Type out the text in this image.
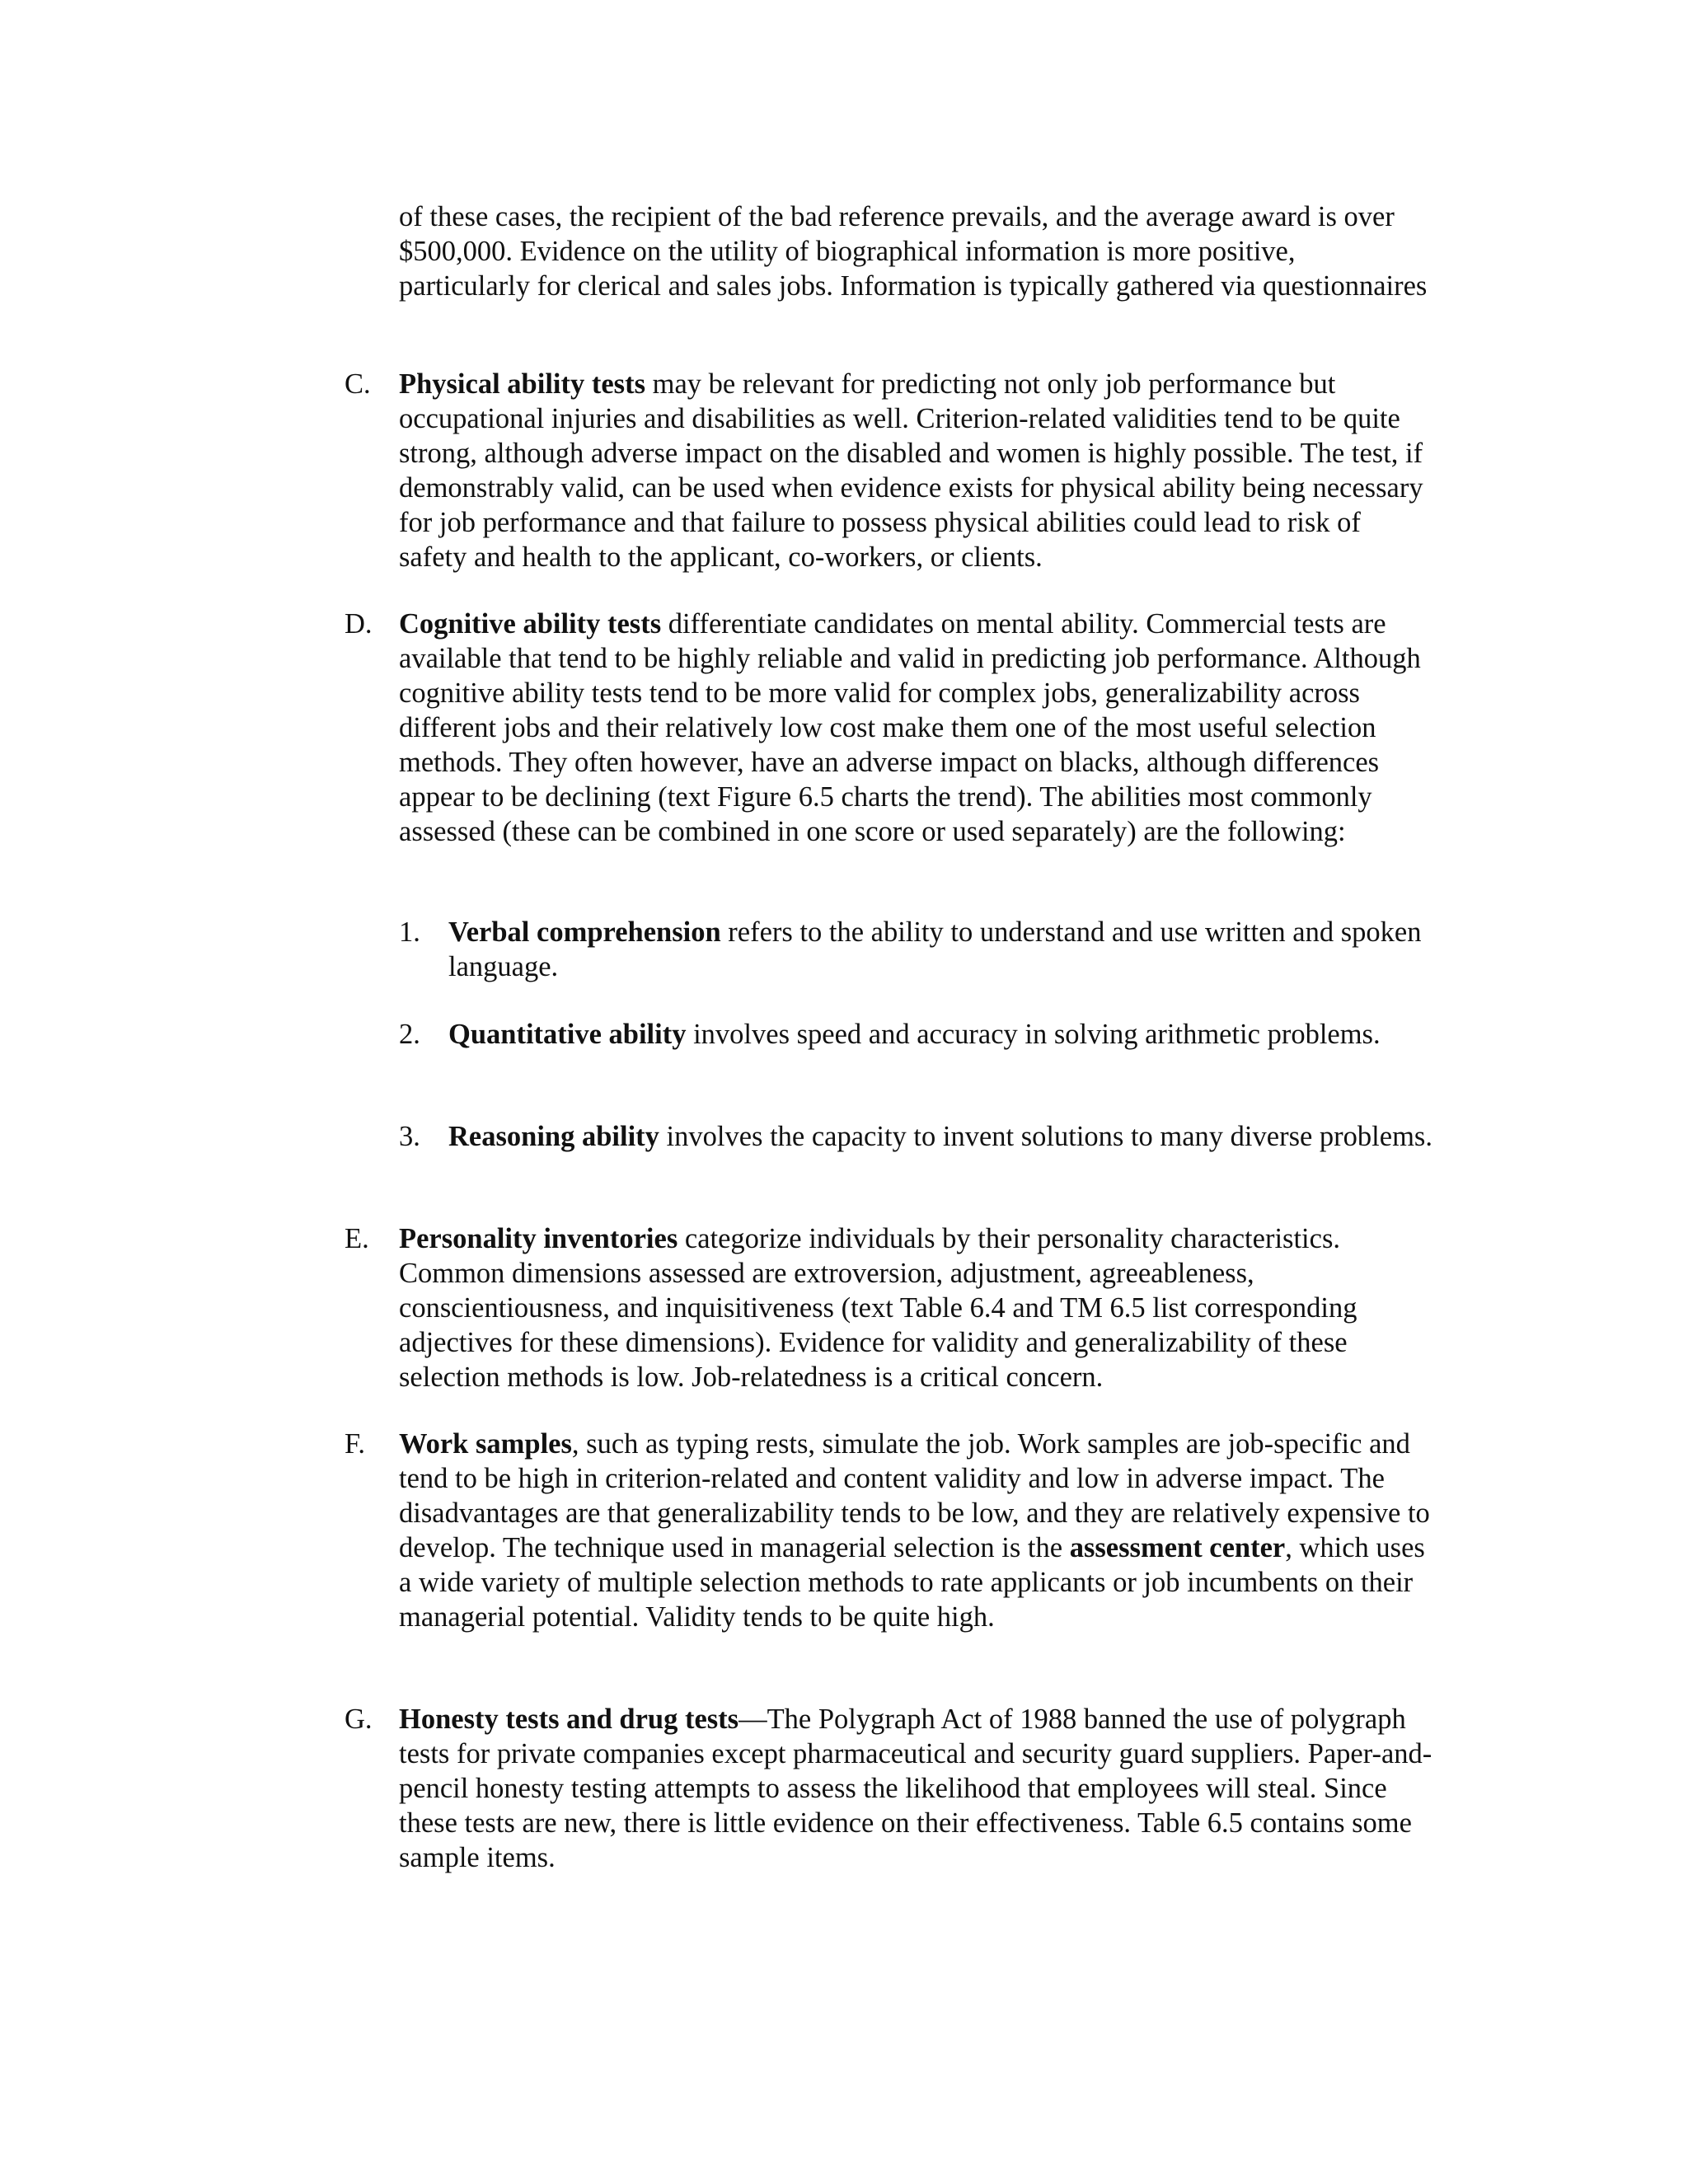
of these cases, the recipient of the bad reference prevails, and the average award is over $500,000. Evidence on the utility of biographical information is more positive, particularly for clerical and sales jobs. Information is typically gathered via questionnaires

C. Physical ability tests may be relevant for predicting not only job performance but occupational injuries and disabilities as well. Criterion-related validities tend to be quite strong, although adverse impact on the disabled and women is highly possible. The test, if demonstrably valid, can be used when evidence exists for physical ability being necessary for job performance and that failure to possess physical abilities could lead to risk of safety and health to the applicant, co-workers, or clients.
D. Cognitive ability tests differentiate candidates on mental ability. Commercial tests are available that tend to be highly reliable and valid in predicting job performance. Although cognitive ability tests tend to be more valid for complex jobs, generalizability across different jobs and their relatively low cost make them one of the most useful selection methods. They often however, have an adverse impact on blacks, although differences appear to be declining (text Figure 6.5 charts the trend). The abilities most commonly assessed (these can be combined in one score or used separately) are the following:
1. Verbal comprehension refers to the ability to understand and use written and spoken language.
2. Quantitative ability involves speed and accuracy in solving arithmetic problems.
3. Reasoning ability involves the capacity to invent solutions to many diverse problems.
E.	Personality inventories categorize individuals by their personality characteristics. Common dimensions assessed are extroversion, adjustment, agreeableness, conscientiousness, and inquisitiveness (text Table 6.4 and TM 6.5 list corresponding adjectives for these dimensions). Evidence for validity and generalizability of these selection methods is low. Job-relatedness is a critical concern.
F.	Work samples, such as typing rests, simulate the job. Work samples are job-specific and tend to be high in criterion-related and content validity and low in adverse impact. The disadvantages are that generalizability tends to be low, and they are relatively expensive to develop. The technique used in managerial selection is the assessment center, which uses a wide variety of multiple selection methods to rate applicants or job incumbents on their managerial potential. Validity tends to be quite high.
G. Honesty tests and drug tests—The Polygraph Act of 1988 banned the use of polygraph tests for private companies except pharmaceutical and security guard suppliers. Paper-and-pencil honesty testing attempts to assess the likelihood that employees will steal. Since these tests are new, there is little evidence on their effectiveness. Table 6.5 contains some sample items.
